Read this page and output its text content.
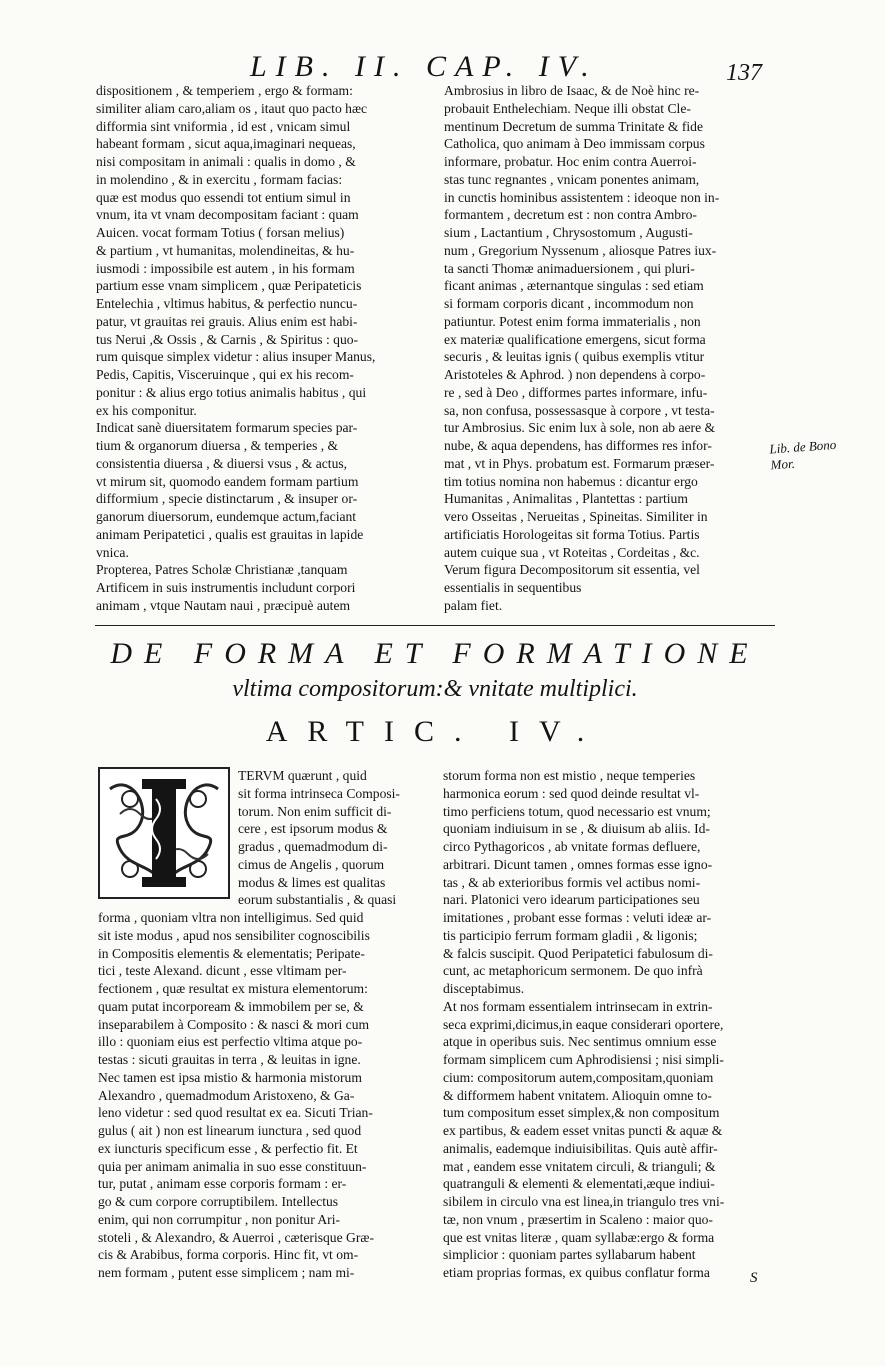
LIB. II. CAP. IV.	137
dispositionem , & temperiem , ergo & formam:
similiter aliam caro,aliam os , itaut quo pacto hæc
difformia sint vniformia , id est , vnicam simul
habeant formam , sicut aqua,imaginari nequeas,
nisi compositam in animali : qualis in domo , &
in molendino , & in exercitu , formam facias:
quæ est modus quo essendi tot entium simul in
vnum, ita vt vnam decompositam faciant : quam
Auicen. vocat formam Totius ( forsan melius)
& partium , vt humanitas, molendineitas, & hu-
iusmodi : impossibile est autem , in his formam
partium esse vnam simplicem , quæ Peripateticis
Entelechia , vltimus habitus, & perfectio nuncu-
patur, vt grauitas rei grauis. Alius enim est habi-
tus Nerui ,& Ossis , & Carnis , & Spiritus : quo-
rum quisque simplex videtur : alius insuper Manus,
Pedis, Capitis, Visceruinque , qui ex his recom-
ponitur : & alius ergo totius animalis habitus , qui
ex his componitur.
Indicat sanè diuersitatem formarum species par-
tium & organorum diuersa , & temperies , &
consistentia diuersa , & diuersi vsus , & actus,
vt mirum sit, quomodo eandem formam partium
difformium , specie distinctarum , & insuper or-
ganorum diuersorum, eundemque actum,faciant
animam Peripatetici , qualis est grauitas in lapide
vnica.
Propterea, Patres Scholæ Christianæ ,tanquam
Artificem in suis instrumentis includunt corpori
animam , vtque Nautam naui , præcipuè autem
Ambrosius in libro de Isaac, & de Noè hinc re-
probauit Enthelechiam. Neque illi obstat Cle-
mentinum Decretum de summa Trinitate & fide
Catholica, quo animam à Deo immissam corpus
informare, probatur. Hoc enim contra Auerroi-
stas tunc regnantes , vnicam ponentes animam,
in cunctis hominibus assistentem : ideoque non in-
formantem , decretum est : non contra Ambro-
sium , Lactantium , Chrysostomum , Augusti-
num , Gregorium Nyssenum , aliosque Patres iux-
ta sancti Thomæ animaduersionem , qui pluri-
ficant animas , æternantque singulas : sed etiam
si formam corporis dicant , incommodum non
patiuntur. Potest enim forma immaterialis , non
ex materiæ qualificatione emergens, sicut forma
securis , & leuitas ignis ( quibus exemplis vtitur
Aristoteles & Aphrod. ) non dependens à corpo-
re , sed à Deo , difformes partes informare, infu-
sa, non confusa, possessasque à corpore , vt testa-
tur Ambrosius. Sic enim lux à sole, non ab aere &
nube, & aqua dependens, has difformes res infor-
mat , vt in Phys. probatum est. Formarum præser-
tim totius nomina non habemus : dicantur ergo
Humanitas , Animalitas , Plantettas : partium
vero Osseitas , Nerueitas , Spineitas. Similiter in
artificiatis Horologeitas sit forma Totius. Partis
autem cuique sua , vt Roteitas , Cordeitas , &c.
Verum figura Decompositorum sit essentia, vel
essentialis in sequentibus
palam fiet.
Lib. de Bono Mor.
DE FORMA ET FORMATIONE
vltima compositorum:& vnitate multiplici.
ARTIC. IV.
TERVM quærunt , quid
sit forma intrinseca Composi-
torum. Non enim sufficit di-
cere , est ipsorum modus &
gradus , quemadmodum di-
cimus de Angelis , quorum
modus & limes est qualitas
eorum substantialis , & quasi
forma , quoniam vltra non intelligimus. Sed quid
sit iste modus , apud nos sensibiliter cognoscibilis
in Compositis elementis & elementatis; Peripate-
tici , teste Alexand. dicunt , esse vltimam per-
fectionem , quæ resultat ex mistura elementorum:
quam putat incorpoream & immobilem per se, &
inseparabilem à Composito : & nasci & mori cum
illo : quoniam eius est perfectio vltima atque po-
testas : sicuti grauitas in terra , & leuitas in igne.
Nec tamen est ipsa mistio & harmonia mistorum
Alexandro , quemadmodum Aristoxeno, & Ga-
leno videtur : sed quod resultat ex ea. Sicuti Trian-
gulus ( ait ) non est linearum iunctura , sed quod
ex iuncturis specificum esse , & perfectio fit. Et
quia per animam animalia in suo esse constituun-
tur, putat , animam esse corporis formam : er-
go & cum corpore corruptibilem. Intellectus
enim, qui non corrumpitur , non ponitur Ari-
stoteli , & Alexandro, & Auerroi , cæterisque Græ-
cis & Arabibus, forma corporis. Hinc fit, vt om-
nem formam , putent esse simplicem ; nam mi-
storum forma non est mistio , neque temperies
harmonica eorum : sed quod deinde resultat vl-
timo perficiens totum, quod necessario est vnum;
quoniam indiuisum in se , & diuisum ab aliis. Id-
circo Pythagoricos , ab vnitate formas defluere,
arbitrari. Dicunt tamen , omnes formas esse igno-
tas , & ab exterioribus formis vel actibus nomi-
nari. Platonici vero idearum participationes seu
imitationes , probant esse formas : veluti ideæ ar-
tis participio ferrum formam gladii , & ligonis;
& falcis suscipit. Quod Peripatetici fabulosum di-
cunt, ac metaphoricum sermonem. De quo infrà
disceptabimus.
At nos formam essentialem intrinsecam in extrin-
seca exprimi,dicimus,in eaque considerari oportere,
atque in operibus suis. Nec sentimus omnium esse
formam simplicem cum Aphrodisiensi ; nisi simpli-
cium: compositorum autem,compositam,quoniam
& difformem habent vnitatem. Alioquin omne to-
tum compositum esset simplex,& non compositum
ex partibus, & eadem esset vnitas puncti & aquæ &
animalis, eademque indiuisibilitas. Quis autè affir-
mat , eandem esse vnitatem circuli, & trianguli; &
quatranguli & elementi & elementati,æque indiui-
sibilem in circulo vna est linea,in triangulo tres vni-
tæ, non vnum , præsertim in Scaleno : maior quo-
que est vnitas literæ , quam syllabæ:ergo & forma
simplicior : quoniam partes syllabarum habent
etiam proprias formas, ex quibus conflatur forma	S
